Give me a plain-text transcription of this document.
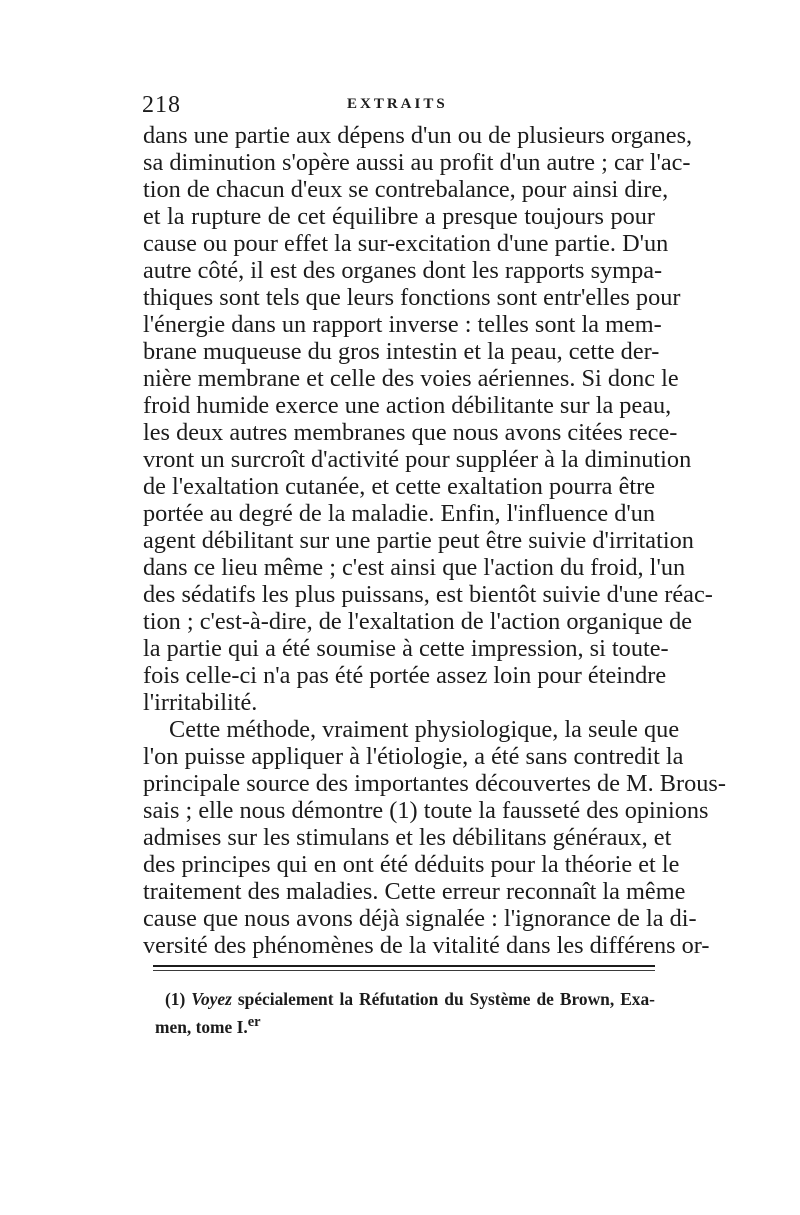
218	EXTRAITS
dans une partie aux dépens d'un ou de plusieurs organes,
sa diminution s'opère aussi au profit d'un autre ; car l'ac-
tion de chacun d'eux se contrebalance, pour ainsi dire,
et la rupture de cet équilibre a presque toujours pour
cause ou pour effet la sur-excitation d'une partie. D'un
autre côté, il est des organes dont les rapports sympa-
thiques sont tels que leurs fonctions sont entr'elles pour
l'énergie dans un rapport inverse : telles sont la mem-
brane muqueuse du gros intestin et la peau, cette der-
nière membrane et celle des voies aériennes. Si donc le
froid humide exerce une action débilitante sur la peau,
les deux autres membranes que nous avons citées rece-
vront un surcroît d'activité pour suppléer à la diminution
de l'exaltation cutanée, et cette exaltation pourra être
portée au degré de la maladie. Enfin, l'influence d'un
agent débilitant sur une partie peut être suivie d'irritation
dans ce lieu même ; c'est ainsi que l'action du froid, l'un
des sédatifs les plus puissans, est bientôt suivie d'une réac-
tion ; c'est-à-dire, de l'exaltation de l'action organique de
la partie qui a été soumise à cette impression, si toute-
fois celle-ci n'a pas été portée assez loin pour éteindre
l'irritabilité.
Cette méthode, vraiment physiologique, la seule que
l'on puisse appliquer à l'étiologie, a été sans contredit la
principale source des importantes découvertes de M. Brous-
sais ; elle nous démontre (1) toute la fausseté des opinions
admises sur les stimulans et les débilitans généraux, et
des principes qui en ont été déduits pour la théorie et le
traitement des maladies. Cette erreur reconnaît la même
cause que nous avons déjà signalée : l'ignorance de la di-
versité des phénomènes de la vitalité dans les différens or-
(1) Voyez spécialement la Réfutation du Système de Brown, Exa-
men, tome I.$^{er}$
